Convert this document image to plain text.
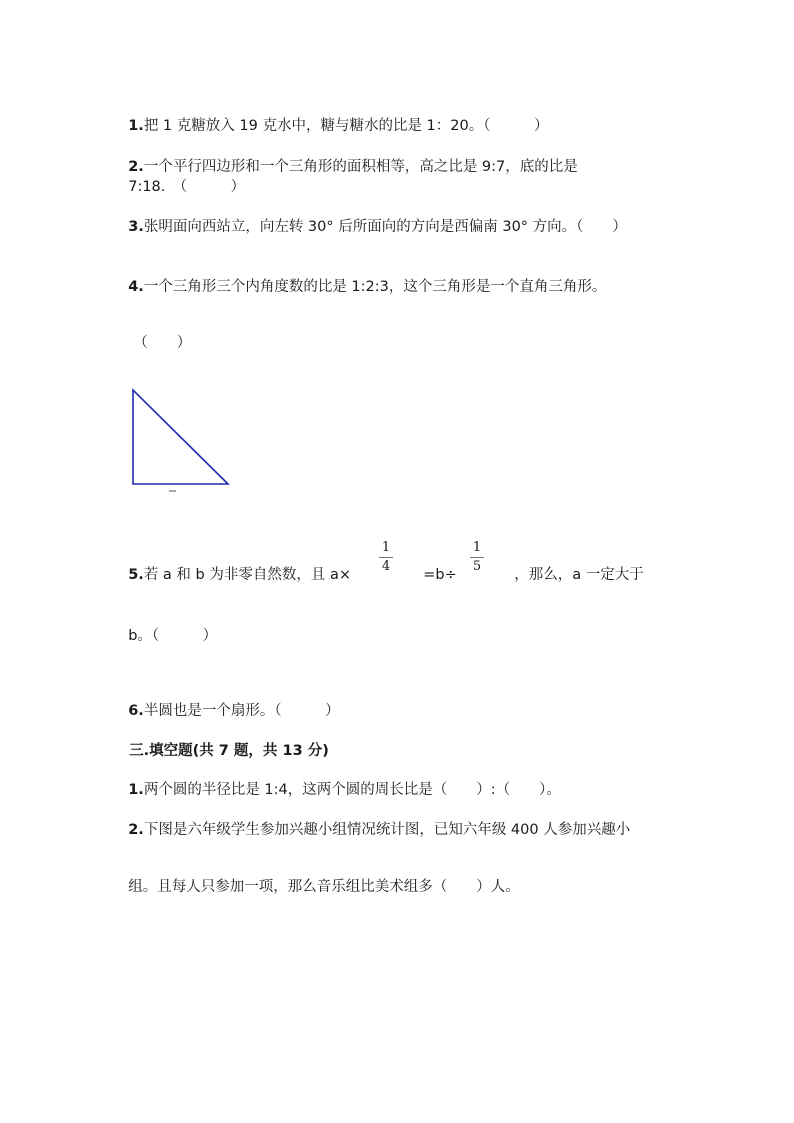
1.把 1 克糖放入 19 克水中，糖与糖水的比是 1：20。（　　　）

2.一个平行四边形和一个三角形的面积相等，高之比是 9:7，底的比是

7:18.　（　　　）

3.张明面向西站立，向左转 30° 后所面向的方向是西偏南 30° 方向。（　　）

4.一个三角形三个内角度数的比是 1:2:3，这个三角形是一个直角三角形。

（　　）

5.若 a 和 b 为非零自然数，且 a×

1
4

=b÷

1
5

，那么，a 一定大于

b。（　　　）

6.半圆也是一个扇形。（　　　）

三.填空题(共 7 题，共 13 分)

1.两个圆的半径比是 1:4，这两个圆的周长比是（　　）:（　　）。

2.下图是六年级学生参加兴趣小组情况统计图，已知六年级 400 人参加兴趣小

组。且每人只参加一项，那么音乐组比美术组多（　　）人。
